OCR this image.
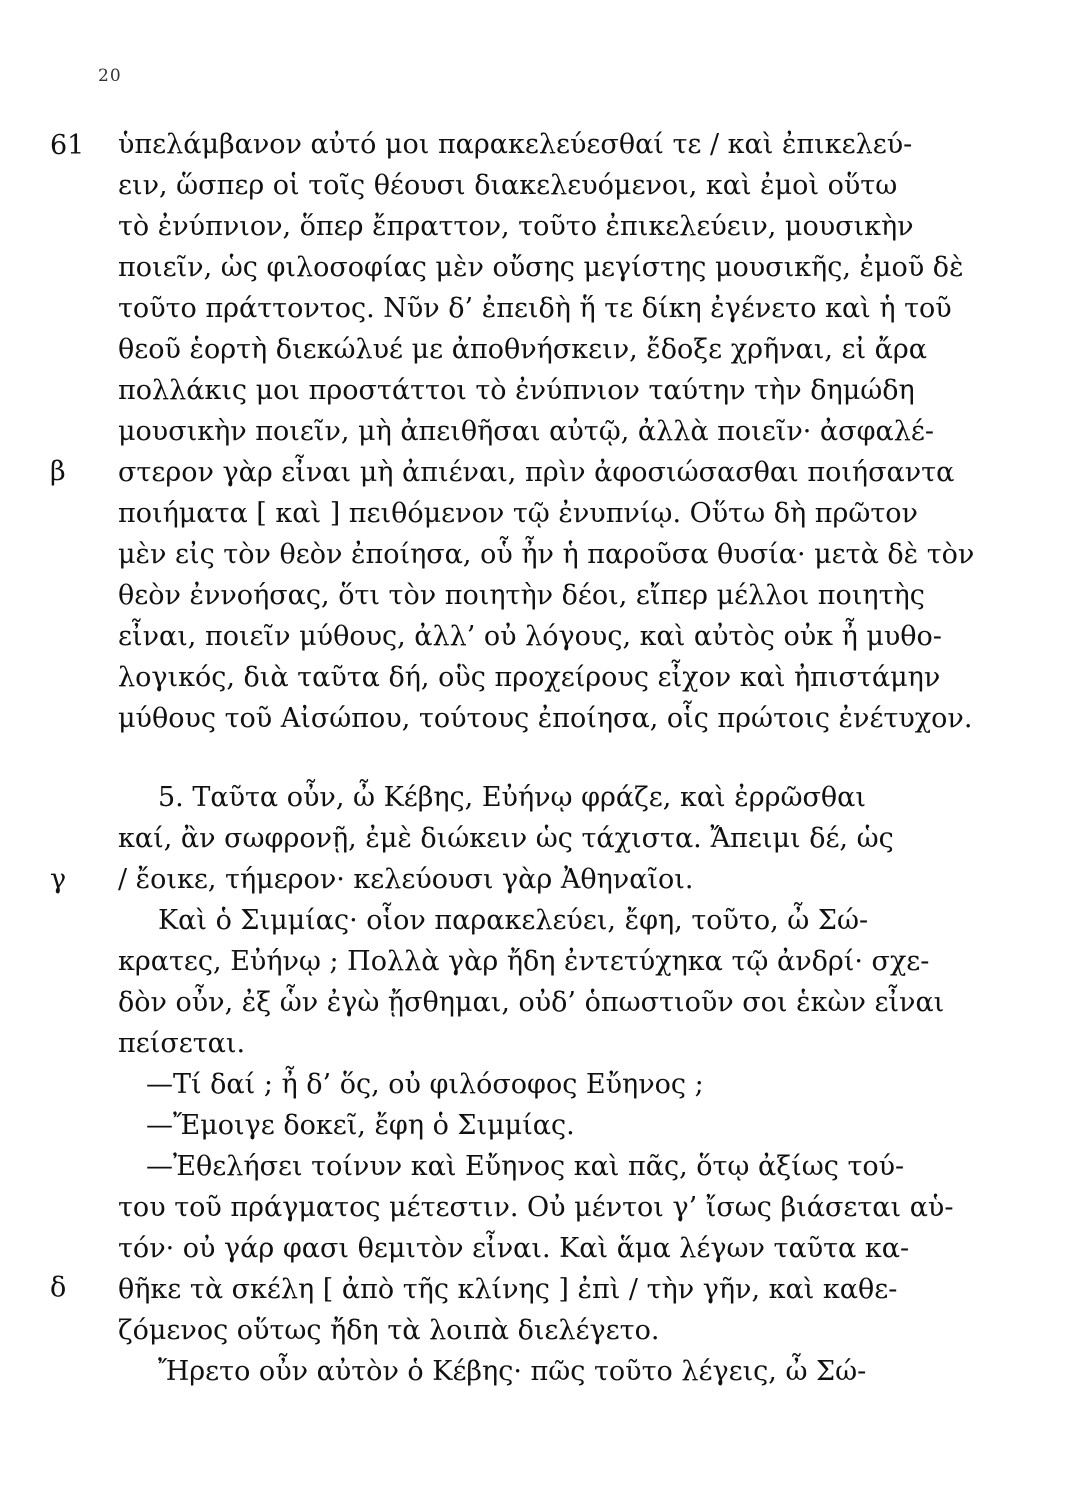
20
61
β
γ
δ
ὑπελάμβανον αὐτό μοι παρακελεύεσθαί τε / καὶ ἐπικελεύ-
ειν, ὥσπερ οἱ τοῖς θέουσι διακελευόμενοι, καὶ ἐμοὶ οὕτω
τὸ ἐνύπνιον, ὅπερ ἔπραττον, τοῦτο ἐπικελεύειν, μουσικὴν
ποιεῖν, ὡς φιλοσοφίας μὲν οὔσης μεγίστης μουσικῆς, ἐμοῦ δὲ
τοῦτο πράττοντος. Νῦν δ’ ἐπειδὴ ἥ τε δίκη ἐγένετο καὶ ἡ τοῦ
θεοῦ ἑορτὴ διεκώλυέ με ἀποθνήσκειν, ἔδοξε χρῆναι, εἰ ἄρα
πολλάκις μοι προστάττοι τὸ ἐνύπνιον ταύτην τὴν δημώδη
μουσικὴν ποιεῖν, μὴ ἀπειθῆσαι αὐτῷ, ἀλλὰ ποιεῖν· ἀσφαλέ-
στερον γὰρ εἶναι μὴ ἀπιέναι, πρὶν ἀφοσιώσασθαι ποιήσαντα
ποιήματα [ καὶ ] πειθόμενον τῷ ἐνυπνίῳ. Οὕτω δὴ πρῶτον
μὲν εἰς τὸν θεὸν ἐποίησα, οὗ ἦν ἡ παροῦσα θυσία· μετὰ δὲ τὸν
θεὸν ἐννοήσας, ὅτι τὸν ποιητὴν δέοι, εἴπερ μέλλοι ποιητὴς
εἶναι, ποιεῖν μύθους, ἀλλ’ οὐ λόγους, καὶ αὐτὸς οὐκ ἦ μυθο-
λογικός, διὰ ταῦτα δή, οὓς προχείρους εἶχον καὶ ἠπιστάμην
μύθους τοῦ Αἰσώπου, τούτους ἐποίησα, οἷς πρώτοις ἐνέτυχον.
5. Ταῦτα οὖν, ὦ Κέβης, Εὐήνῳ φράζε, καὶ ἐρρῶσθαι
καί, ἂν σωφρονῇ, ἐμὲ διώκειν ὡς τάχιστα. Ἄπειμι δέ, ὡς
/ ἔοικε, τήμερον· κελεύουσι γὰρ Ἀθηναῖοι.
Καὶ ὁ Σιμμίας· οἷον παρακελεύει, ἔφη, τοῦτο, ὦ Σώ-
κρατες, Εὐήνῳ ; Πολλὰ γὰρ ἤδη ἐντετύχηκα τῷ ἀνδρί· σχε-
δὸν οὖν, ἐξ ὧν ἐγὼ ᾔσθημαι, οὐδ’ ὁπωστιοῦν σοι ἑκὼν εἶναι
πείσεται.
—Τί δαί ; ἦ δ’ ὅς, οὐ φιλόσοφος Εὔηνος ;
—Ἔμοιγε δοκεῖ, ἔφη ὁ Σιμμίας.
—Ἐθελήσει τοίνυν καὶ Εὔηνος καὶ πᾶς, ὅτῳ ἀξίως τού-
του τοῦ πράγματος μέτεστιν. Οὐ μέντοι γ’ ἴσως βιάσεται αὑ-
τόν· οὐ γάρ φασι θεμιτὸν εἶναι. Καὶ ἅμα λέγων ταῦτα κα-
θῆκε τὰ σκέλη [ ἀπὸ τῆς κλίνης ] ἐπὶ / τὴν γῆν, καὶ καθε-
ζόμενος οὕτως ἤδη τὰ λοιπὰ διελέγετο.
Ἤρετο οὖν αὐτὸν ὁ Κέβης· πῶς τοῦτο λέγεις, ὦ Σώ-
